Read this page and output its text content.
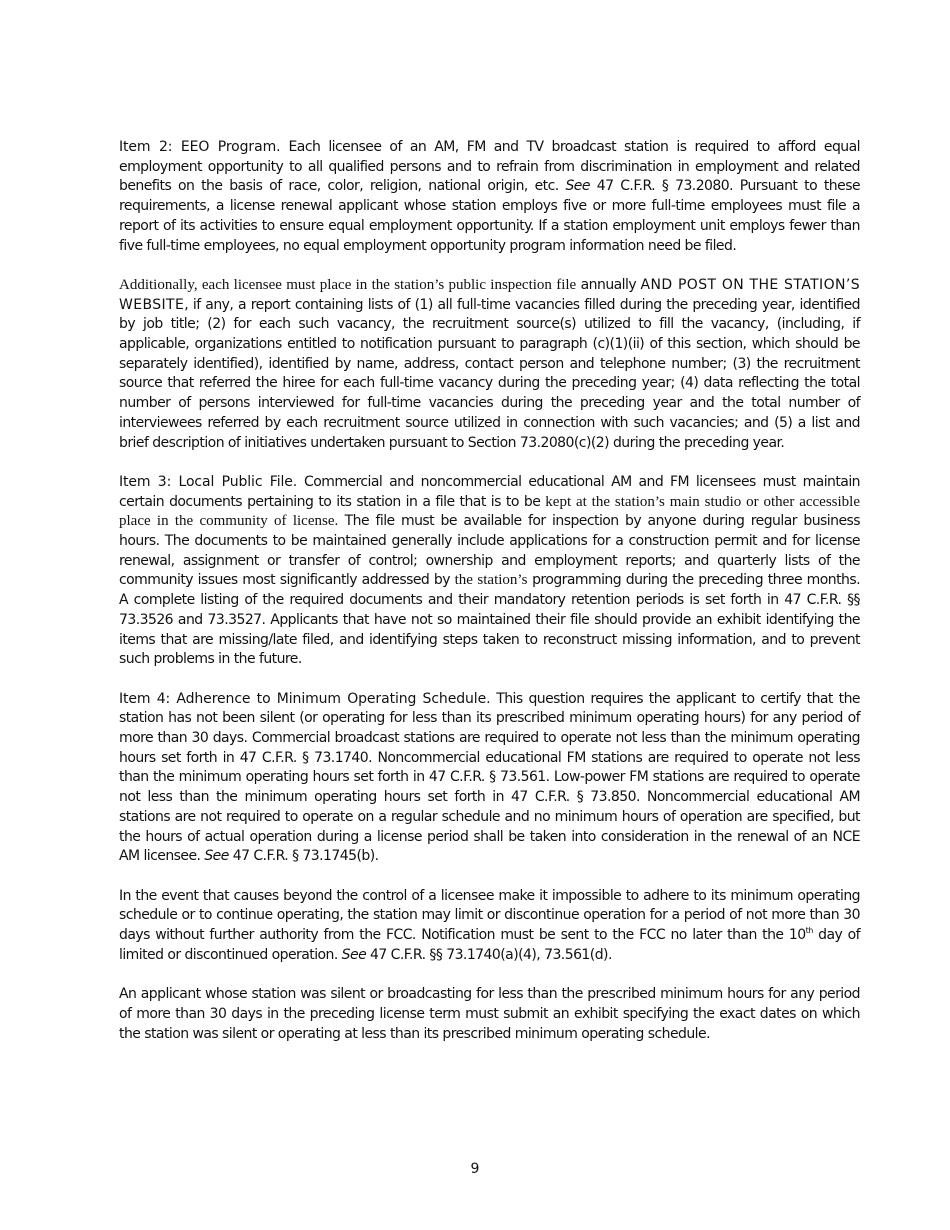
Item 2: EEO Program. Each licensee of an AM, FM and TV broadcast station is required to afford equal employment opportunity to all qualified persons and to refrain from discrimination in employment and related benefits on the basis of race, color, religion, national origin, etc. See 47 C.F.R. § 73.2080. Pursuant to these requirements, a license renewal applicant whose station employs five or more full-time employees must file a report of its activities to ensure equal employment opportunity. If a station employment unit employs fewer than five full-time employees, no equal employment opportunity program information need be filed.

Additionally, each licensee must place in the station’s public inspection file annually AND POST ON THE STATION’S WEBSITE, if any, a report containing lists of (1) all full-time vacancies filled during the preceding year, identified by job title; (2) for each such vacancy, the recruitment source(s) utilized to fill the vacancy, (including, if applicable, organizations entitled to notification pursuant to paragraph (c)(1)(ii) of this section, which should be separately identified), identified by name, address, contact person and telephone number; (3) the recruitment source that referred the hiree for each full-time vacancy during the preceding year; (4) data reflecting the total number of persons interviewed for full-time vacancies during the preceding year and the total number of interviewees referred by each recruitment source utilized in connection with such vacancies; and (5) a list and brief description of initiatives undertaken pursuant to Section 73.2080(c)(2) during the preceding year.

Item 3: Local Public File. Commercial and noncommercial educational AM and FM licensees must maintain certain documents pertaining to its station in a file that is to be kept at the station’s main studio or other accessible place in the community of license. The file must be available for inspection by anyone during regular business hours. The documents to be maintained generally include applications for a construction permit and for license renewal, assignment or transfer of control; ownership and employment reports; and quarterly lists of the community issues most significantly addressed by the station’s programming during the preceding three months. A complete listing of the required documents and their mandatory retention periods is set forth in 47 C.F.R. §§ 73.3526 and 73.3527. Applicants that have not so maintained their file should provide an exhibit identifying the items that are missing/late filed, and identifying steps taken to reconstruct missing information, and to prevent such problems in the future.

Item 4: Adherence to Minimum Operating Schedule. This question requires the applicant to certify that the station has not been silent (or operating for less than its prescribed minimum operating hours) for any period of more than 30 days. Commercial broadcast stations are required to operate not less than the minimum operating hours set forth in 47 C.F.R. § 73.1740. Noncommercial educational FM stations are required to operate not less than the minimum operating hours set forth in 47 C.F.R. § 73.561. Low-power FM stations are required to operate not less than the minimum operating hours set forth in 47 C.F.R. § 73.850. Noncommercial educational AM stations are not required to operate on a regular schedule and no minimum hours of operation are specified, but the hours of actual operation during a license period shall be taken into consideration in the renewal of an NCE AM licensee. See 47 C.F.R. § 73.1745(b).

In the event that causes beyond the control of a licensee make it impossible to adhere to its minimum operating schedule or to continue operating, the station may limit or discontinue operation for a period of not more than 30 days without further authority from the FCC. Notification must be sent to the FCC no later than the 10th day of limited or discontinued operation. See 47 C.F.R. §§ 73.1740(a)(4), 73.561(d).

An applicant whose station was silent or broadcasting for less than the prescribed minimum hours for any period of more than 30 days in the preceding license term must submit an exhibit specifying the exact dates on which the station was silent or operating at less than its prescribed minimum operating schedule.

9
